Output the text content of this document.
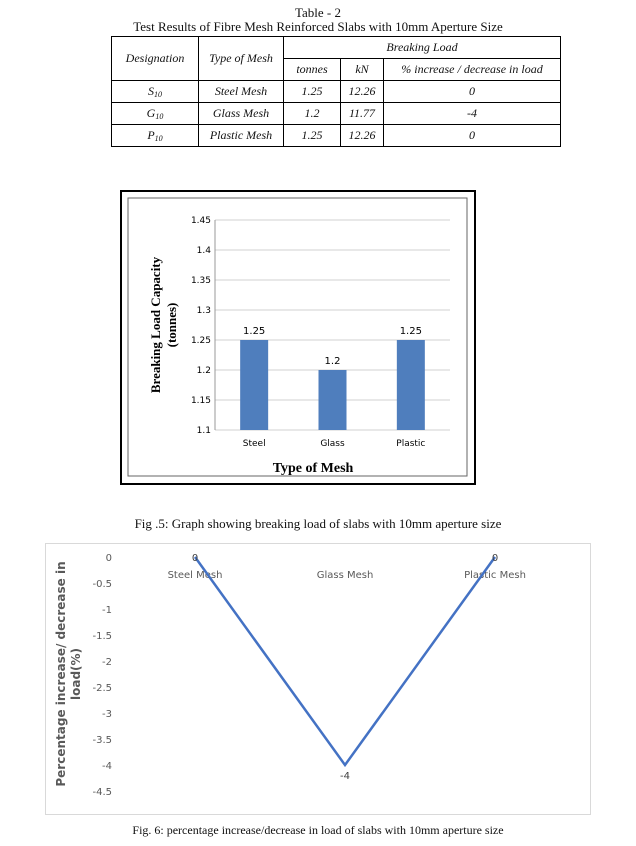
Table - 2
Test Results of Fibre Mesh Reinforced Slabs with 10mm Aperture Size
Designation	Type of Mesh	Breaking Load		
		tonnes	kN	% increase / decrease in load
$S_{10}$	Steel Mesh	1.25	12.26	0
$G_{10}$	Glass Mesh	1.2	11.77	-4
$P_{10}$	Plastic Mesh	1.25	12.26	0
1.1
1.15
1.2
1.25
1.3
1.35
1.4
1.45
1.25
1.2
1.25
Steel	Glass	Plastic
Breaking Load Capacity(tonnes)
Type of Mesh
Fig .5: Graph showing breaking load of slabs with 10mm aperture size
0
-0.5
-1
-1.5
-2
-2.5
-3
-3.5
-4
-4.5
Steel Mesh	Glass Mesh	Plastic Mesh
0
-4
0
Percentage increase/ decrease inload(%)
Fig. 6: percentage increase/decrease in load of slabs with 10mm aperture size
